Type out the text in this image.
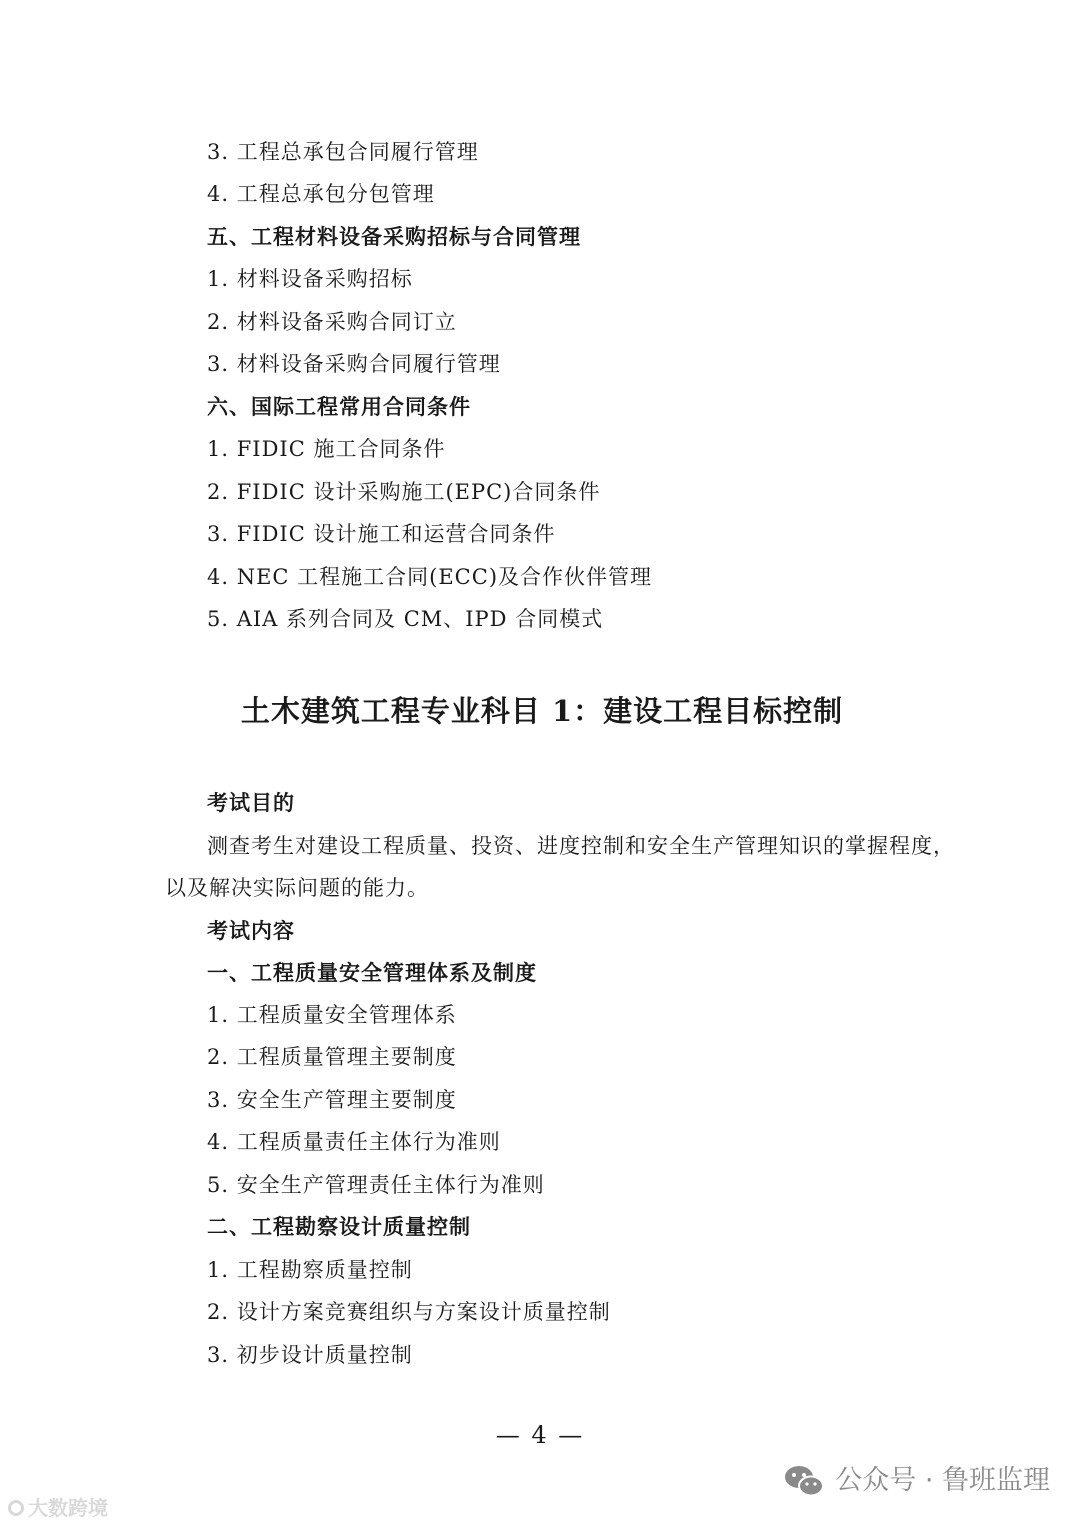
3. 工程总承包合同履行管理
4. 工程总承包分包管理
五、工程材料设备采购招标与合同管理
1. 材料设备采购招标
2. 材料设备采购合同订立
3. 材料设备采购合同履行管理
六、国际工程常用合同条件
1. FIDIC 施工合同条件
2. FIDIC 设计采购施工(EPC)合同条件
3. FIDIC 设计施工和运营合同条件
4. NEC 工程施工合同(ECC)及合作伙伴管理
5. AIA 系列合同及 CM、IPD 合同模式
土木建筑工程专业科目 1：建设工程目标控制
考试目的
测查考生对建设工程质量、投资、进度控制和安全生产管理知识的掌握程度，
以及解决实际问题的能力。
考试内容
一、工程质量安全管理体系及制度
1. 工程质量安全管理体系
2. 工程质量管理主要制度
3. 安全生产管理主要制度
4. 工程质量责任主体行为准则
5. 安全生产管理责任主体行为准则
二、工程勘察设计质量控制
1. 工程勘察质量控制
2. 设计方案竞赛组织与方案设计质量控制
3. 初步设计质量控制
— 4 —
大数跨境
公众号 · 鲁班监理
